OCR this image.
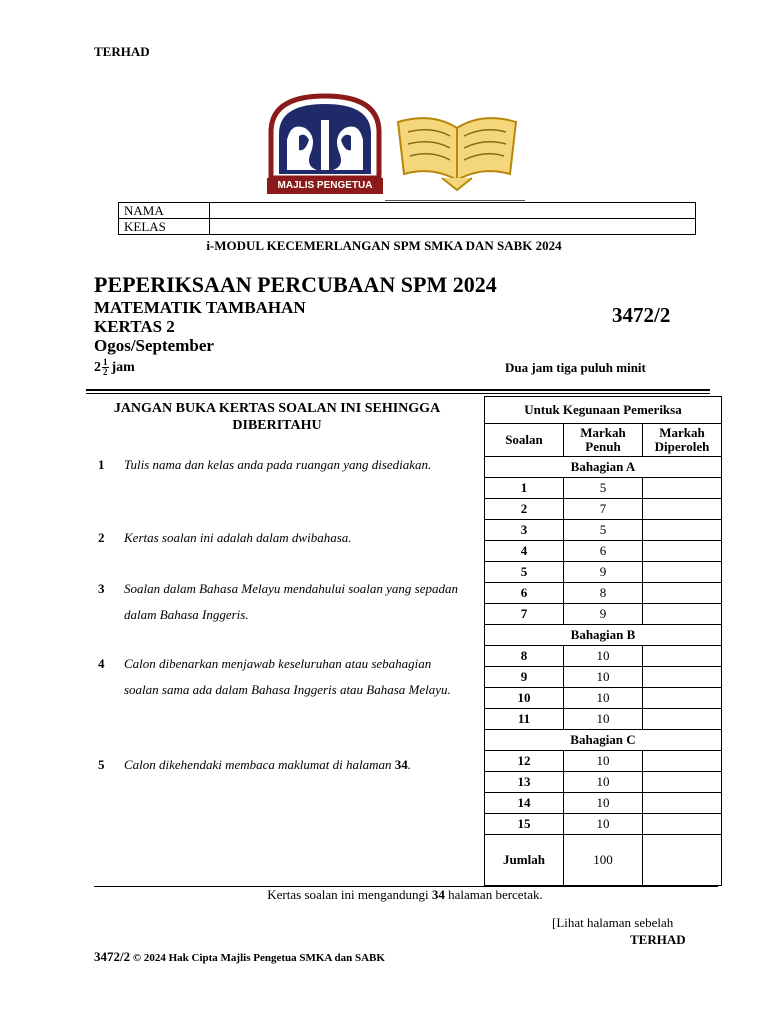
TERHAD
MAJLIS PENGETUA SMKA
NAMA	
KELAS	
i-MODUL KECEMERLANGAN SPM SMKA DAN SABK 2024
PEPERIKSAAN PERCUBAAN SPM 2024
MATEMATIK TAMBAHAN
KERTAS 2
Ogos/September
3472/2
$2 \frac{1}{2}$ jam	Dua jam tiga puluh minit
JANGAN BUKA KERTAS SOALAN INI SEHINGGA DIBERITAHU
1 Tulis nama dan kelas anda pada ruangan yang disediakan.
2 Kertas soalan ini adalah dalam dwibahasa.
3 Soalan dalam Bahasa Melayu mendahului soalan yang sepadan dalam Bahasa Inggeris.
4 Calon dibenarkan menjawab keseluruhan atau sebahagian soalan sama ada dalam Bahasa Inggeris atau Bahasa Melayu.
5 Calon dikehendaki membaca maklumat di halaman 34.
Untuk Kegunaan Pemeriksa		
Soalan	Markah Penuh	Markah Diperoleh
Bahagian A		
1	5	
2	7	
3	5	
4	6	
5	9	
6	8	
7	9	
Bahagian B		
8	10	
9	10	
10	10	
11	10	
Bahagian C		
12	10	
13	10	
14	10	
15	10	
Jumlah	100	
Kertas soalan ini mengandungi 34 halaman bercetak.
[Lihat halaman sebelah
TERHAD
3472/2 © 2024 Hak Cipta Majlis Pengetua SMKA dan SABK
